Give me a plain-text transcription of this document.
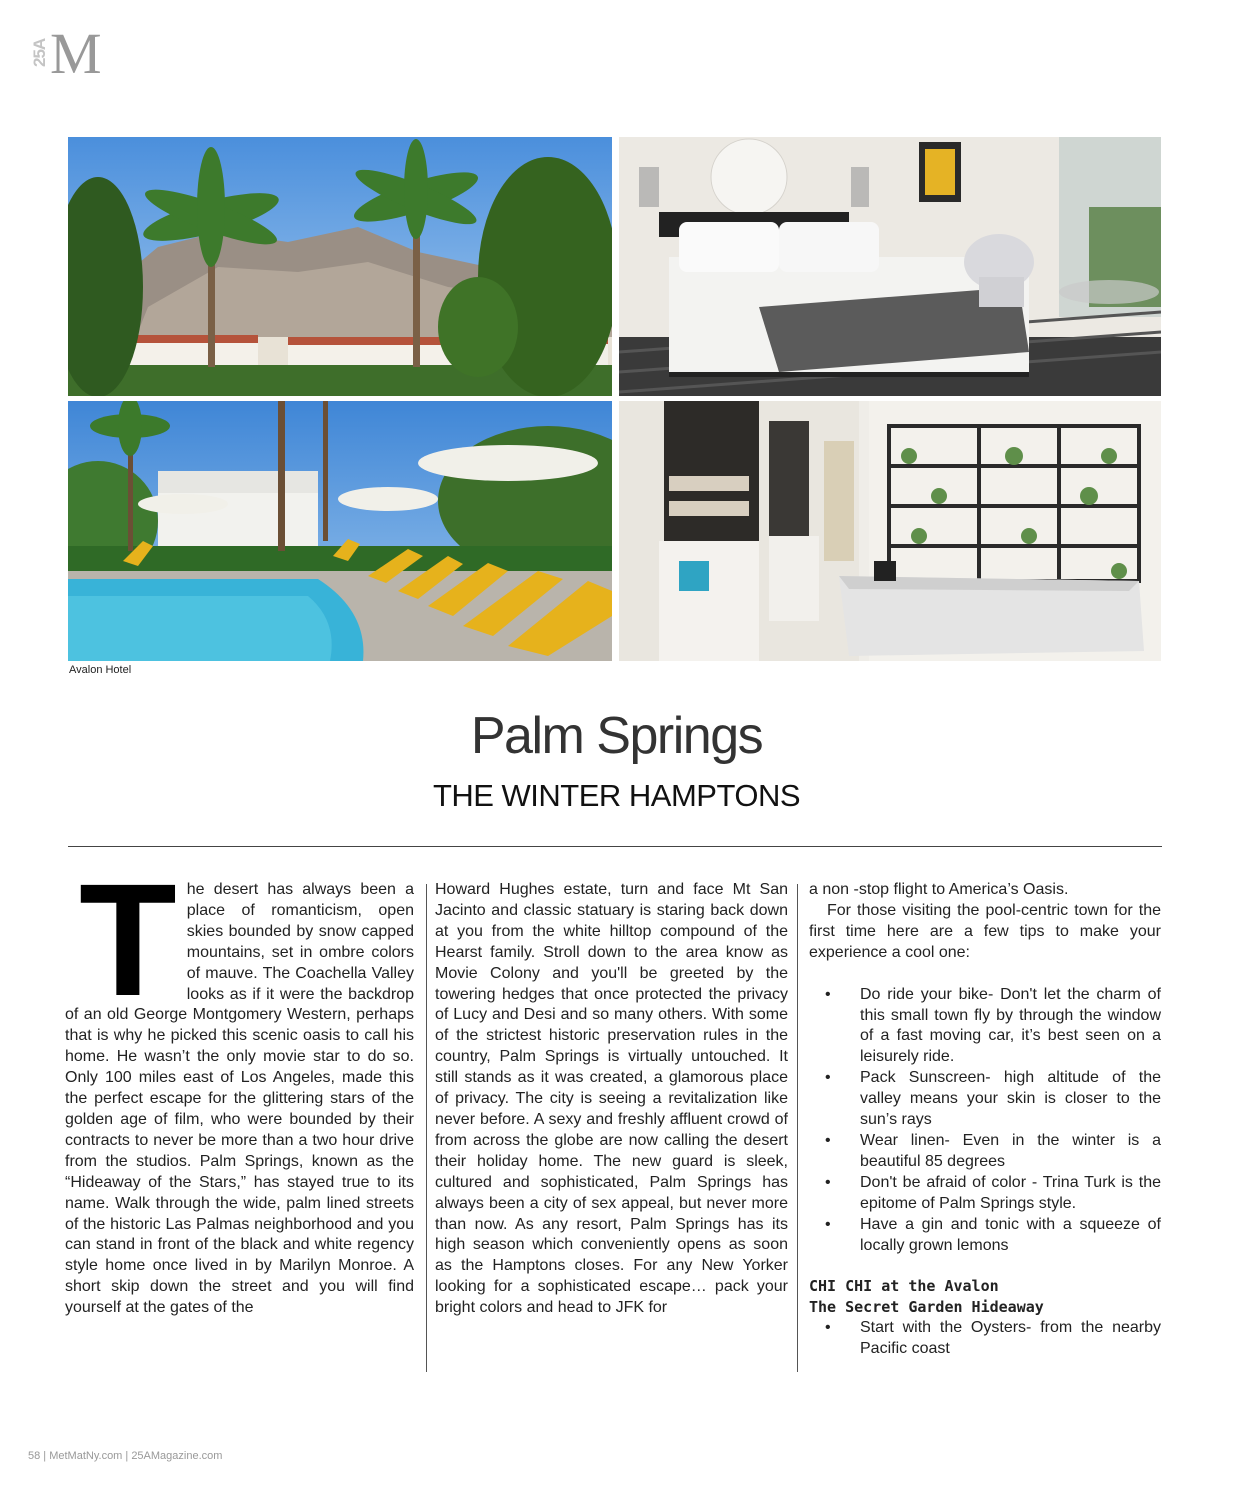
25A M
Avalon Hotel
Palm Springs
THE WINTER HAMPTONS
T he desert has always been a place of romanticism, open skies bounded by snow capped mountains, set in ombre colors of mauve. The Coachella Valley looks as if it were the backdrop of an old George Montgomery Western, perhaps that is why he picked this scenic oasis to call his home. He wasn’t the only movie star to do so. Only 100 miles east of Los Angeles, made this the perfect escape for the glittering stars of the golden age of film, who were bounded by their contracts to never be more than a two hour drive from the studios. Palm Springs, known as the “Hideaway of the Stars,” has stayed true to its name. Walk through the wide, palm lined streets of the historic Las Palmas neighborhood and you can stand in front of the black and white regency style home once lived in by Marilyn Monroe. A short skip down the street and you will find yourself at the gates of the

Howard Hughes estate, turn and face Mt San Jacinto and classic statuary is staring back down at you from the white hilltop compound of the Hearst family. Stroll down to the area know as Movie Colony and you'll be greeted by the towering hedges that once protected the privacy of Lucy and Desi and so many others. With some of the strictest historic preservation rules in the country, Palm Springs is virtually untouched. It still stands as it was created, a glamorous place of privacy. The city is seeing a revitalization like never before. A sexy and freshly affluent crowd of from across the globe are now calling the desert their holiday home. The new guard is sleek, cultured and sophisticated, Palm Springs has always been a city of sex appeal, but never more than now. As any resort, Palm Springs has its high season which conveniently opens as soon as the Hamptons closes. For any New Yorker looking for a sophisticated escape… pack your bright colors and head to JFK for

a non -stop flight to America’s Oasis.

For those visiting the pool-centric town for the first time here are a few tips to make your experience a cool one:

• Do ride your bike- Don't let the charm of this small town fly by through the window of a fast moving car, it’s best seen on a leisurely ride.
• Pack Sunscreen- high altitude of the valley means your skin is closer to the sun’s rays
• Wear linen- Even in the winter is a beautiful 85 degrees
• Don't be afraid of color - Trina Turk is the epitome of Palm Springs style.
• Have a gin and tonic with a squeeze of locally grown lemons
CHI CHI at the Avalon
The Secret Garden Hideaway
• Start with the Oysters- from the nearby Pacific coast
58 | MetMatNy.com | 25AMagazine.com
